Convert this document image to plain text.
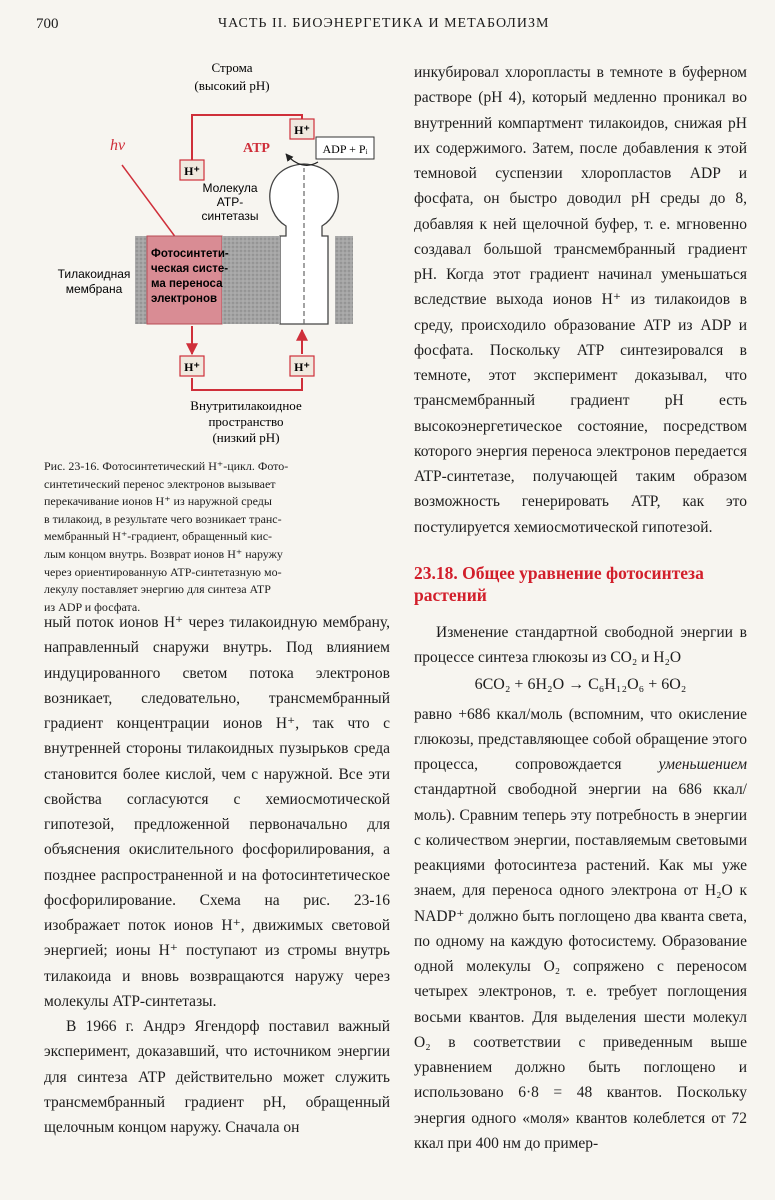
700	ЧАСТЬ II. БИОЭНЕРГЕТИКА И МЕТАБОЛИЗМ
Строма
(высокий pH)
hν
H⁺
H⁺
ATP	ADP + Pᵢ
Молекула
ATP-
синтетазы
Тилакоидная
мембрана
Фотосинтети-
ческая систе-
ма переноса
электронов
H⁺	H⁺
Внутритилакоидное
пространство
(низкий pH)

Рис. 23-16. Фотосинтетический H⁺-цикл. Фото-

синтетический перенос электронов вызывает

перекачивание ионов H⁺ из наружной среды

в тилакоид, в результате чего возникает транс-

мембранный H⁺-градиент, обращенный кис-

лым концом внутрь. Возврат ионов H⁺ наружу

через ориентированную ATP-синтетазную мо-

лекулу поставляет энергию для синтеза ATP

из ADP и фосфата.

ный поток ионов H⁺ через тилакоидную мембрану, направленный снаружи внутрь. Под влиянием индуцированного светом потока электронов возникает, следовательно, трансмембранный градиент концентрации ионов H⁺, так что с внутренней стороны тилакоидных пузырьков среда становится более кислой, чем с наружной. Все эти свойства согласуются с хемиосмотической гипотезой, предложенной первоначально для объяснения окислительного фосфорилирования, а позднее распространенной и на фотосинтетическое фосфорилирование. Схема на рис. 23-16 изображает поток ионов H⁺, движимых световой энергией; ионы H⁺ поступают из стромы внутрь тилакоида и вновь возвращаются наружу через молекулы ATP-синтетазы.

В 1966 г. Андрэ Ягендорф поставил важный эксперимент, доказавший, что источником энергии для синтеза ATP действительно может служить трансмембранный градиент pH, обращенный щелочным концом наружу. Сначала он

инкубировал хлоропласты в темноте в буферном растворе (pH 4), который медленно проникал во внутренний компартмент тилакоидов, снижая pH их содержимого. Затем, после добавления к этой темновой суспензии хлоропластов ADP и фосфата, он быстро доводил pH среды до 8, добавляя к ней щелочной буфер, т. е. мгновенно создавал большой трансмембранный градиент pH. Когда этот градиент начинал уменьшаться вследствие выхода ионов H⁺ из тилакоидов в среду, происходило образование ATP из ADP и фосфата. Поскольку ATP синтезировался в темноте, этот эксперимент доказывал, что трансмембранный градиент pH есть высокоэнергетическое состояние, посредством которого энергия переноса электронов передается ATP-синтетазе, получающей таким образом возможность генерировать ATP, как это постулируется хемиосмотической гипотезой.

23.18. Общее уравнение фотосинтеза растений

Изменение стандартной свободной энергии в процессе синтеза глюкозы из CO₂ и H₂O

6CO₂ + 6H₂O → C₆H₁₂O₆ + 6O₂

равно +686 ккал/моль (вспомним, что окисление глюкозы, представляющее собой обращение этого процесса, сопровождается уменьшением стандартной свободной энергии на 686 ккал/моль). Сравним теперь эту потребность в энергии с количеством энергии, поставляемым световыми реакциями фотосинтеза растений. Как мы уже знаем, для переноса одного электрона от H₂O к NADP⁺ должно быть поглощено два кванта света, по одному на каждую фотосистему. Образование одной молекулы O₂ сопряжено с переносом четырех электронов, т. е. требует поглощения восьми квантов. Для выделения шести молекул O₂ в соответствии с приведенным выше уравнением должно быть поглощено и использовано 6·8 = 48 квантов. Поскольку энергия одного «моля» квантов колеблется от 72 ккал при 400 нм до пример-
